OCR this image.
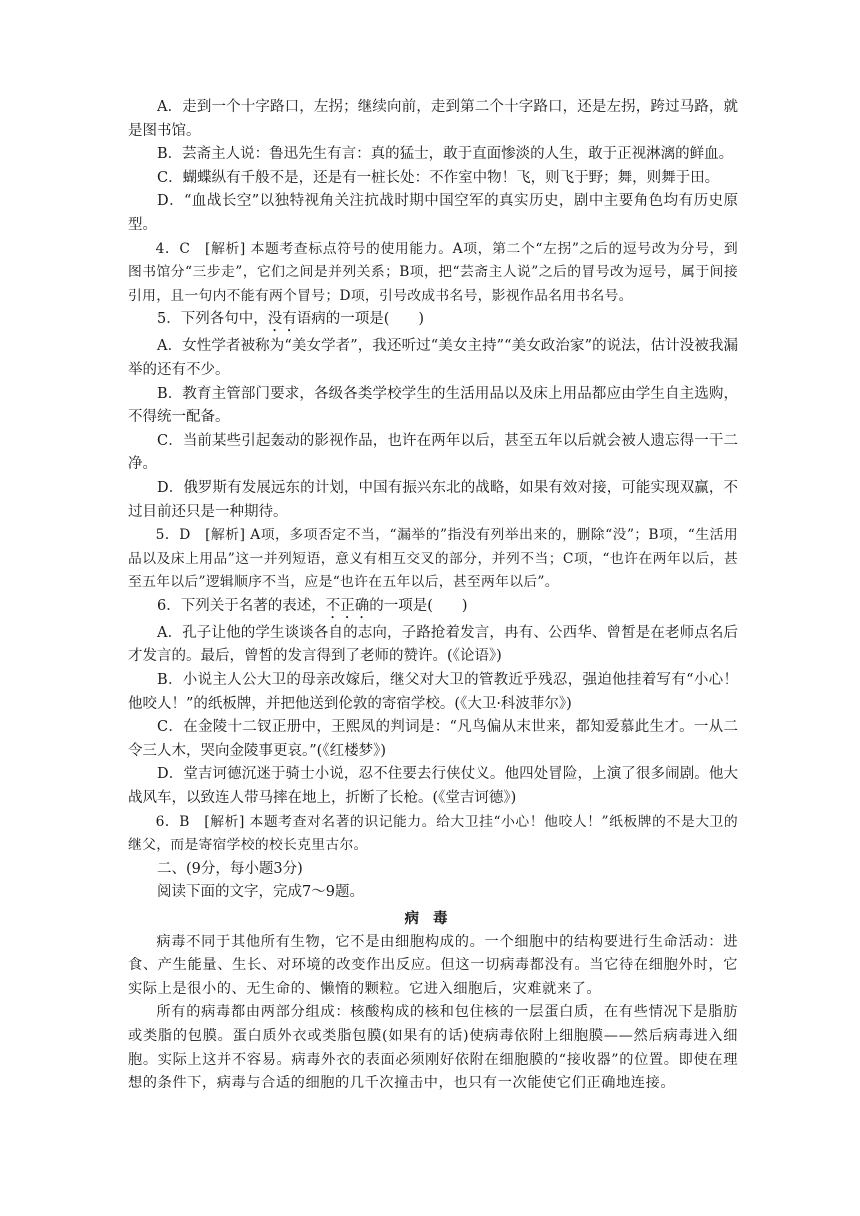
A．走到一个十字路口，左拐；继续向前，走到第二个十字路口，还是左拐，跨过马路，就是图书馆。

B．芸斋主人说：鲁迅先生有言：真的猛士，敢于直面惨淡的人生，敢于正视淋漓的鲜血。

C．蝴蝶纵有千般不是，还是有一桩长处：不作室中物！飞，则飞于野；舞，则舞于田。

D．“血战长空”以独特视角关注抗战时期中国空军的真实历史，剧中主要角色均有历史原型。

4．C　[解析] 本题考查标点符号的使用能力。A项，第二个“左拐”之后的逗号改为分号，到图书馆分“三步走”，它们之间是并列关系；B项，把“芸斋主人说”之后的冒号改为逗号，属于间接引用，且一句内不能有两个冒号；D项，引号改成书名号，影视作品名用书名号。

5．下列各句中，没有语病的一项是(　　)

A．女性学者被称为“美女学者”，我还听过“美女主持”“美女政治家”的说法，估计没被我漏举的还有不少。

B．教育主管部门要求，各级各类学校学生的生活用品以及床上用品都应由学生自主选购，不得统一配备。

C．当前某些引起轰动的影视作品，也许在两年以后，甚至五年以后就会被人遗忘得一干二净。

D．俄罗斯有发展远东的计划，中国有振兴东北的战略，如果有效对接，可能实现双赢，不过目前还只是一种期待。

5．D　[解析] A项，多项否定不当，“漏举的”指没有列举出来的，删除“没”；B项，“生活用品以及床上用品”这一并列短语，意义有相互交叉的部分，并列不当；C项，“也许在两年以后，甚至五年以后”逻辑顺序不当，应是“也许在五年以后，甚至两年以后”。

6．下列关于名著的表述，不正确的一项是(　　)

A．孔子让他的学生谈谈各自的志向，子路抢着发言，冉有、公西华、曾皙是在老师点名后才发言的。最后，曾皙的发言得到了老师的赞许。(《论语》)

B．小说主人公大卫的母亲改嫁后，继父对大卫的管教近乎残忍，强迫他挂着写有“小心！他咬人！”的纸板牌，并把他送到伦敦的寄宿学校。(《大卫·科波菲尔》)

C．在金陵十二钗正册中，王熙凤的判词是：“凡鸟偏从末世来，都知爱慕此生才。一从二令三人木，哭向金陵事更哀。”(《红楼梦》)

D．堂吉诃德沉迷于骑士小说，忍不住要去行侠仗义。他四处冒险，上演了很多闹剧。他大战风车，以致连人带马摔在地上，折断了长枪。(《堂吉诃德》)

6．B　[解析] 本题考查对名著的识记能力。给大卫挂“小心！他咬人！”纸板牌的不是大卫的继父，而是寄宿学校的校长克里古尔。

二、(9分，每小题3分)

阅读下面的文字，完成7～9题。

病毒

病毒不同于其他所有生物，它不是由细胞构成的。一个细胞中的结构要进行生命活动：进食、产生能量、生长、对环境的改变作出反应。但这一切病毒都没有。当它待在细胞外时，它实际上是很小的、无生命的、懒惰的颗粒。它进入细胞后，灾难就来了。

所有的病毒都由两部分组成：核酸构成的核和包住核的一层蛋白质，在有些情况下是脂肪或类脂的包膜。蛋白质外衣或类脂包膜(如果有的话)使病毒依附上细胞膜——然后病毒进入细胞。实际上这并不容易。病毒外衣的表面必须刚好依附在细胞膜的“接收器”的位置。即使在理想的条件下，病毒与合适的细胞的几千次撞击中，也只有一次能使它们正确地连接。
